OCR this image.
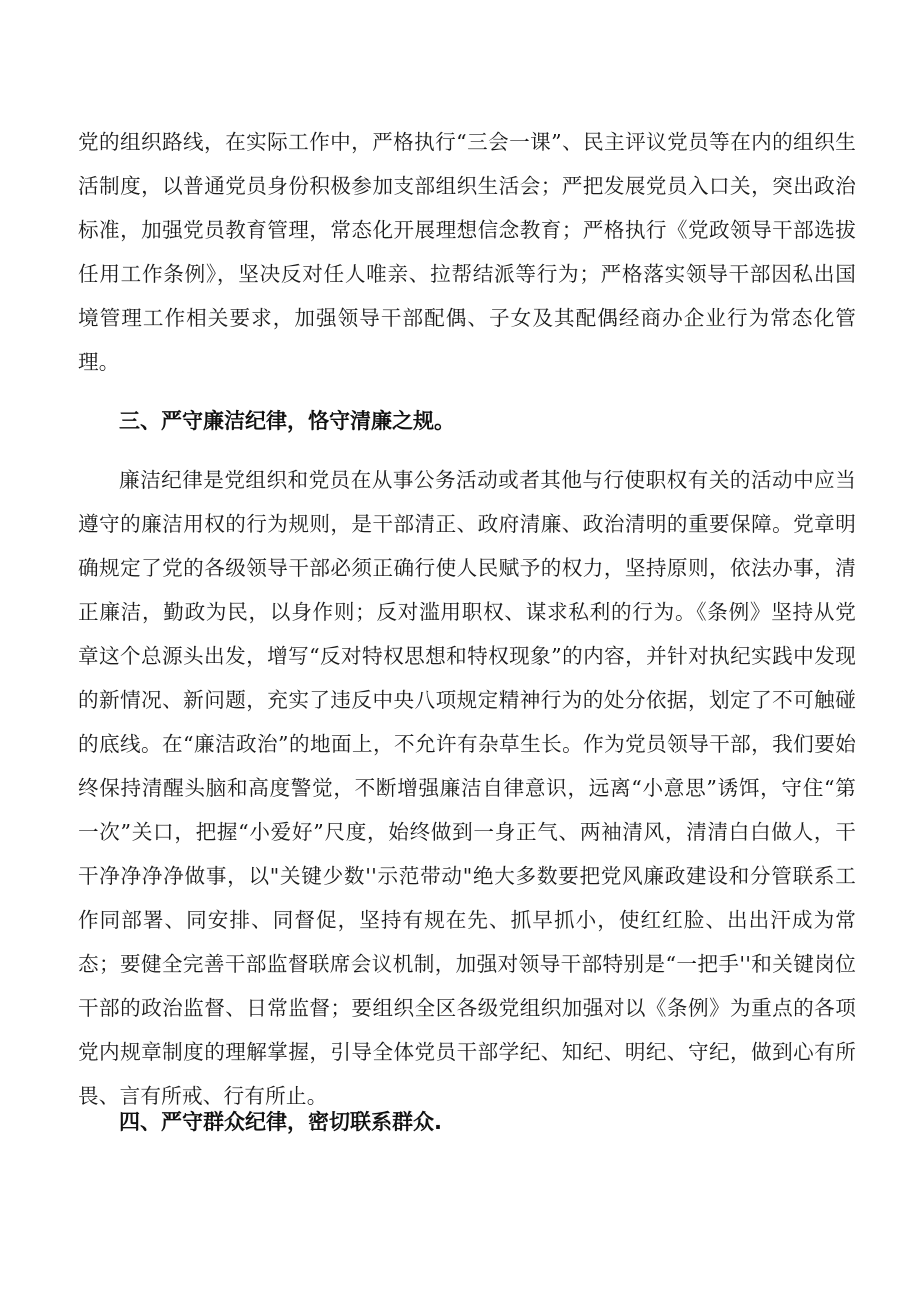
党的组织路线，在实际工作中，严格执行“三会一课”、民主评议党员等在内的组织生活制度，以普通党员身份积极参加支部组织生活会；严把发展党员入口关，突出政治标准，加强党员教育管理，常态化开展理想信念教育；严格执行《党政领导干部选拔任用工作条例》，坚决反对任人唯亲、拉帮结派等行为；严格落实领导干部因私出国境管理工作相关要求，加强领导干部配偶、子女及其配偶经商办企业行为常态化管理。

三、严守廉洁纪律，恪守清廉之规。

廉洁纪律是党组织和党员在从事公务活动或者其他与行使职权有关的活动中应当遵守的廉洁用权的行为规则，是干部清正、政府清廉、政治清明的重要保障。党章明确规定了党的各级领导干部必须正确行使人民赋予的权力，坚持原则，依法办事，清正廉洁，勤政为民，以身作则；反对滥用职权、谋求私利的行为。《条例》坚持从党章这个总源头出发，增写“反对特权思想和特权现象”的内容，并针对执纪实践中发现的新情况、新问题，充实了违反中央八项规定精神行为的处分依据，划定了不可触碰的底线。在“廉洁政治”的地面上，不允许有杂草生长。作为党员领导干部，我们要始终保持清醒头脑和高度警觉，不断增强廉洁自律意识，远离“小意思”诱饵，守住“第一次”关口，把握“小爱好”尺度，始终做到一身正气、两袖清风，清清白白做人，干干净净净净做事，以"关键少数''示范带动"绝大多数要把党风廉政建设和分管联系工作同部署、同安排、同督促，坚持有规在先、抓早抓小，使红红脸、出出汗成为常态；要健全完善干部监督联席会议机制，加强对领导干部特别是“一把手''和关键岗位干部的政治监督、日常监督；要组织全区各级党组织加强对以《条例》为重点的各项党内规章制度的理解掌握，引导全体党员干部学纪、知纪、明纪、守纪，做到心有所畏、言有所戒、行有所止。

四、严守群众纪律，密切联系群众.
